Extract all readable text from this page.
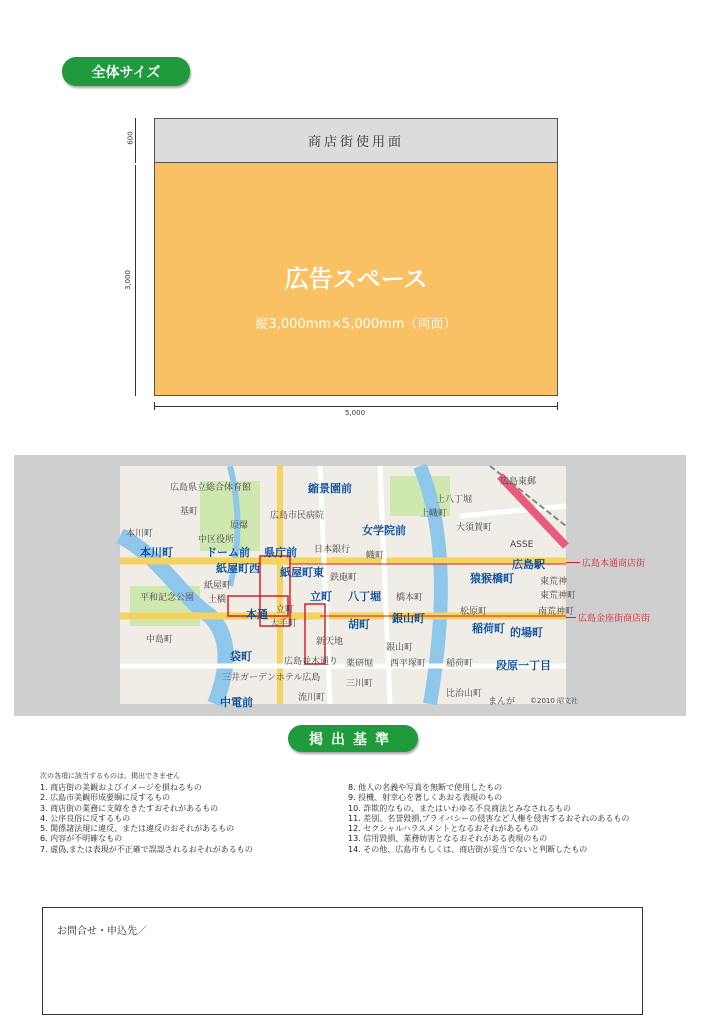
全体サイズ
600
3,000
5,000
商店街使用面
広告スペース
縦3,000mm×5,000mm（両面）
縮景園前
女学院前
本川町	ドーム前 県庁前
紙屋町西 紙屋町東
立町 八丁堀
本通	銀山町
胡町
広島駅
猿猴橋町
稲荷町 的場町
袋町
段原一丁目
中電前
広島県立総合体育館
基町
原爆
中区役所
本川町
平和記念公園
中島町
土橋
広島市民病院
日本銀行
上八丁堀
上幟町
大須賀町
幟町
鉄砲町
橋本町
立町
新天地
薬研堀
銀山町
西平塚町 稲荷町
松原町
比治山町
流川町
三川町
広島並木通り
三井ガーデンホテル広島
大手町
紙屋町
ASSE
広島東郵
東荒神町
南荒神町
東荒神
まんが ©2010 昭文社
広島本通商店街
広島金座街商店街
掲出基準
次の各項に該当するものは、掲出できません
1. 商店街の美観およびイメージを損ねるもの
2. 広島市美観形成要綱に反するもの
3. 商店街の業務に支障をきたすおそれがあるもの
4. 公序良俗に反するもの
5. 関係諸法規に違反、または違反のおそれがあるもの
6. 内容が不明確なもの
7. 虚偽,または表現が不正確で誤認されるおそれがあるもの
8. 他人の名義や写真を無断で使用したもの
9. 投機、射幸心を著しくあおる表現のもの
10. 詐欺的なもの、またはいわゆる不良商法とみなされるもの
11. 差別、名誉毀損,プライバシーの侵害など人権を侵害するおそれのあるもの
12. セクシャルハラスメントとなるおそれがあるもの
13. 信用毀損、業務妨害となるおそれがある表現のもの
14. その他、広島市もしくは、商店街が妥当でないと判断したもの
お問合せ・申込先／
